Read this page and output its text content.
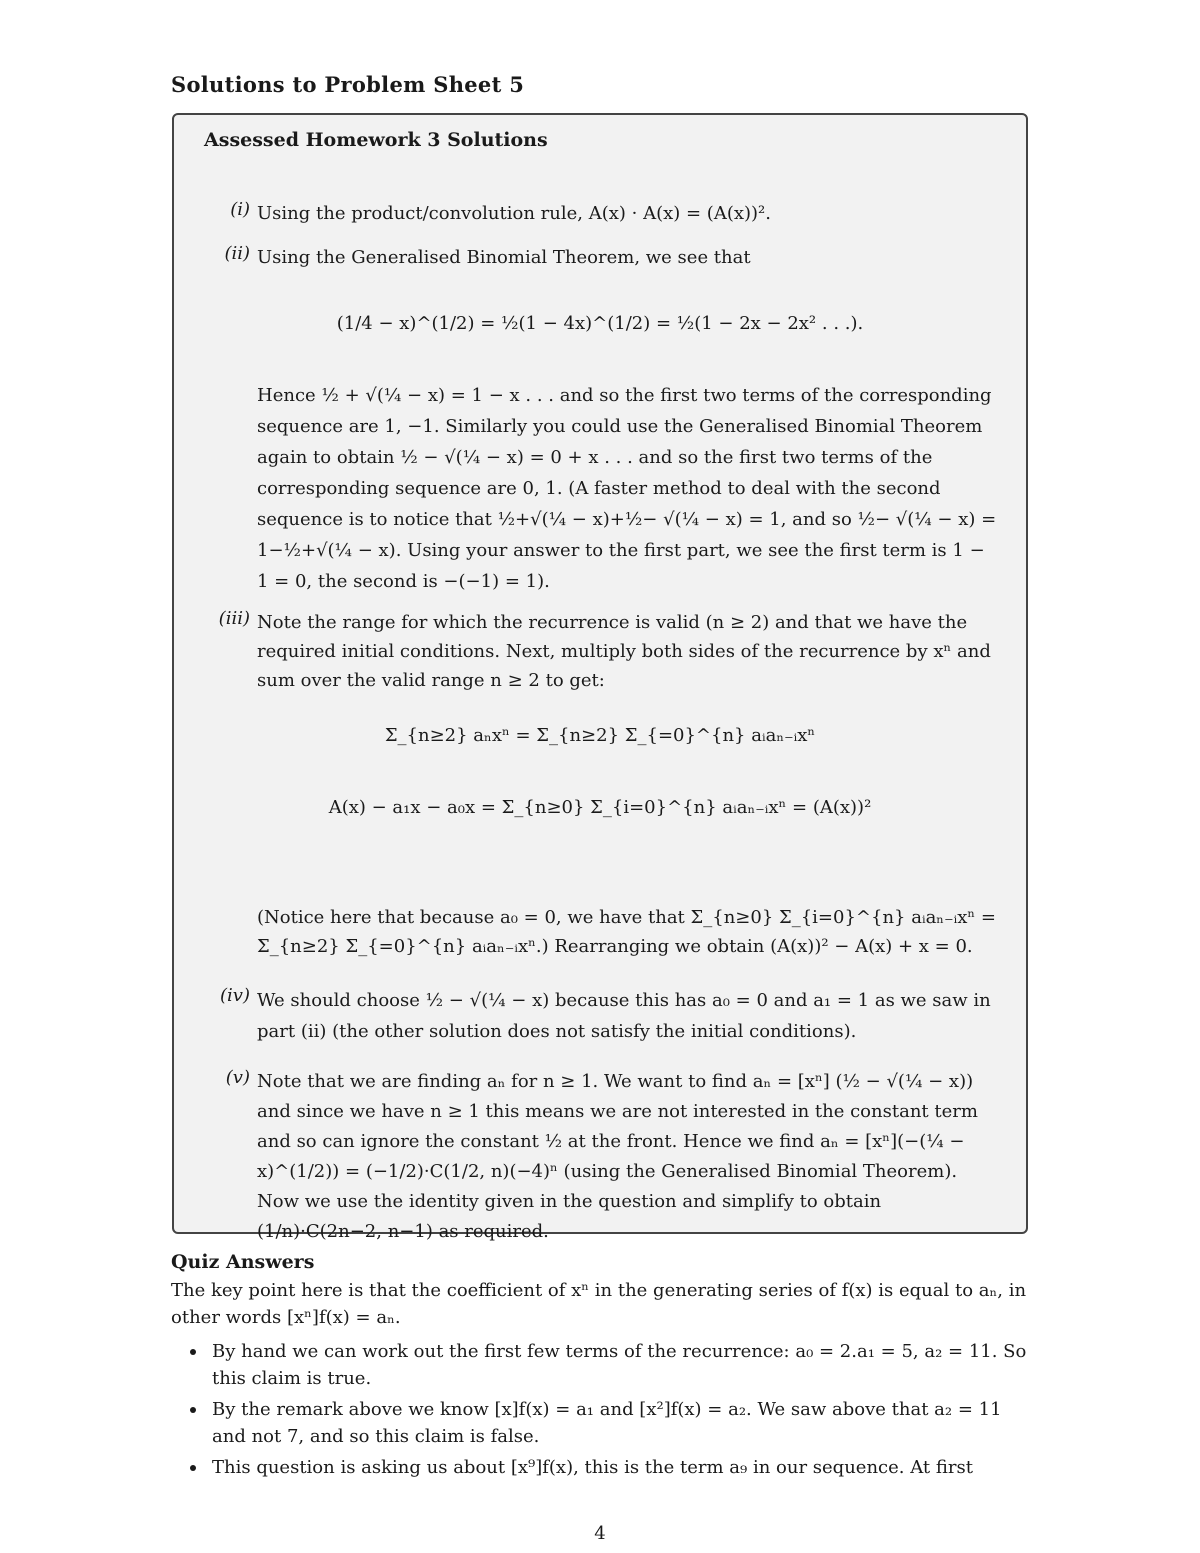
Solutions to Problem Sheet 5
Assessed Homework 3 Solutions
(i) Using the product/convolution rule, A(x) · A(x) = (A(x))².
(ii) Using the Generalised Binomial Theorem, we see that
(1/4 − x)^(1/2) = ½(1 − 4x)^(1/2) = ½(1 − 2x − 2x² . . .).
Hence ½ + √(¼ − x) = 1 − x . . . and so the first two terms of the corresponding sequence are 1, −1. Similarly you could use the Generalised Binomial Theorem again to obtain ½ − √(¼ − x) = 0 + x . . . and so the first two terms of the corresponding sequence are 0, 1. (A faster method to deal with the second sequence is to notice that ½+√(¼ − x)+½− √(¼ − x) = 1, and so ½− √(¼ − x) = 1−½+√(¼ − x). Using your answer to the first part, we see the first term is 1 − 1 = 0, the second is −(−1) = 1).
(iii) Note the range for which the recurrence is valid (n ≥ 2) and that we have the required initial conditions. Next, multiply both sides of the recurrence by xⁿ and sum over the valid range n ≥ 2 to get:
Σ_{n≥2} aₙxⁿ = Σ_{n≥2} Σ_{=0}^{n} aᵢaₙ₋ᵢxⁿ
A(x) − a₁x − a₀x = Σ_{n≥0} Σ_{i=0}^{n} aᵢaₙ₋ᵢxⁿ = (A(x))²
(Notice here that because a₀ = 0, we have that Σ_{n≥0} Σ_{i=0}^{n} aᵢaₙ₋ᵢxⁿ = Σ_{n≥2} Σ_{=0}^{n} aᵢaₙ₋ᵢxⁿ.) Rearranging we obtain (A(x))² − A(x) + x = 0.
(iv) We should choose ½ − √(¼ − x) because this has a₀ = 0 and a₁ = 1 as we saw in part (ii) (the other solution does not satisfy the initial conditions).
(v) Note that we are finding aₙ for n ≥ 1. We want to find aₙ = [xⁿ] (½ − √(¼ − x)) and since we have n ≥ 1 this means we are not interested in the constant term and so can ignore the constant ½ at the front. Hence we find aₙ = [xⁿ](−(¼ − x)^(1/2)) = (−1/2)·C(1/2, n)(−4)ⁿ (using the Generalised Binomial Theorem). Now we use the identity given in the question and simplify to obtain (1/n)·C(2n−2, n−1) as required.
Quiz Answers
The key point here is that the coefficient of xⁿ in the generating series of f(x) is equal to aₙ, in other words [xⁿ]f(x) = aₙ.
By hand we can work out the first few terms of the recurrence: a₀ = 2.a₁ = 5, a₂ = 11. So this claim is true.
By the remark above we know [x]f(x) = a₁ and [x²]f(x) = a₂. We saw above that a₂ = 11 and not 7, and so this claim is false.
This question is asking us about [x⁹]f(x), this is the term a₉ in our sequence. At first
4
